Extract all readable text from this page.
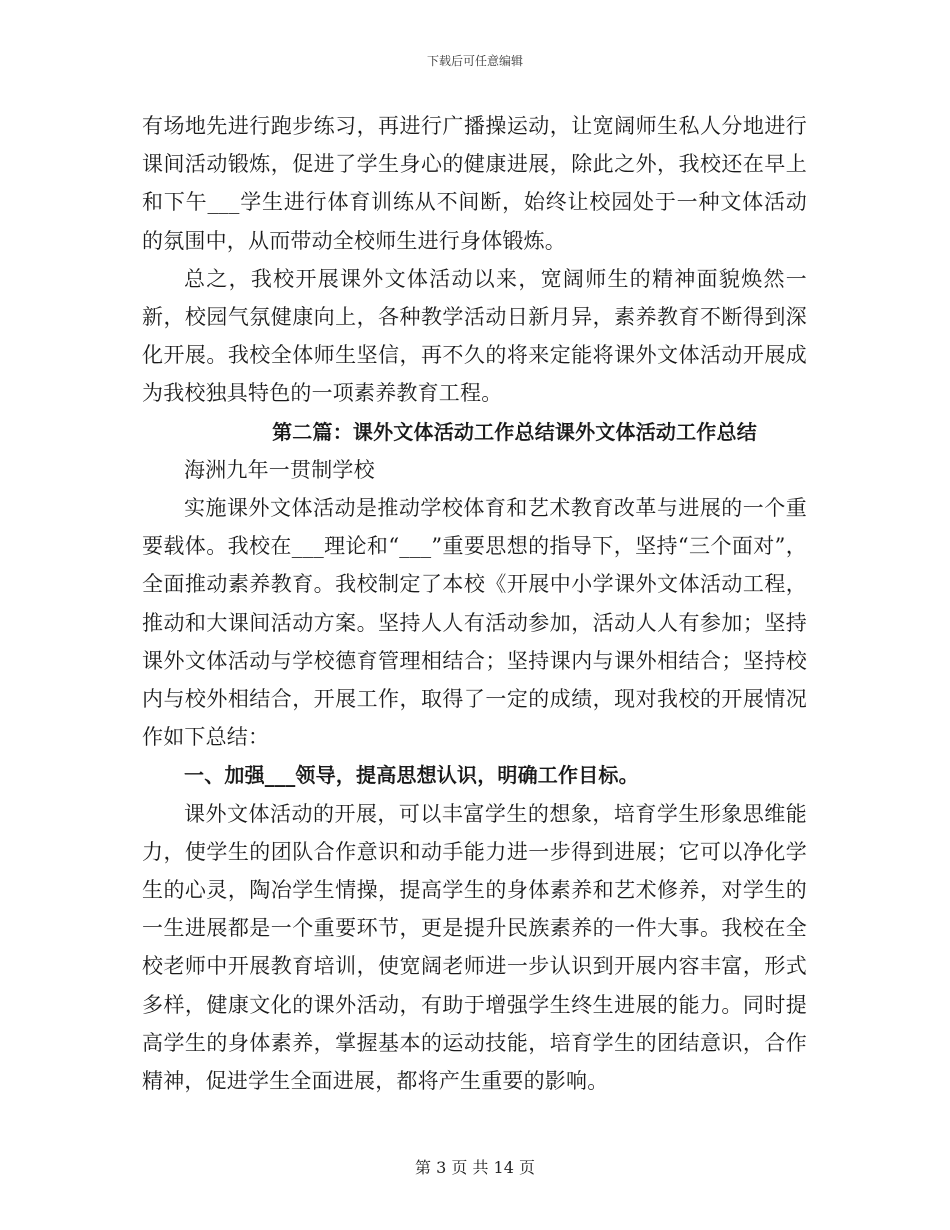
下载后可任意编辑

有场地先进行跑步练习，再进行广播操运动，让宽阔师生私人分地进行课间活动锻炼，促进了学生身心的健康进展，除此之外，我校还在早上和下午___学生进行体育训练从不间断，始终让校园处于一种文体活动的氛围中，从而带动全校师生进行身体锻炼。

总之，我校开展课外文体活动以来，宽阔师生的精神面貌焕然一新，校园气氛健康向上，各种教学活动日新月异，素养教育不断得到深化开展。我校全体师生坚信，再不久的将来定能将课外文体活动开展成为我校独具特色的一项素养教育工程。

第二篇：课外文体活动工作总结课外文体活动工作总结

海洲九年一贯制学校

实施课外文体活动是推动学校体育和艺术教育改革与进展的一个重要载体。我校在___理论和“___”重要思想的指导下，坚持“三个面对”，全面推动素养教育。我校制定了本校《开展中小学课外文体活动工程，推动和大课间活动方案。坚持人人有活动参加，活动人人有参加；坚持课外文体活动与学校德育管理相结合；坚持课内与课外相结合；坚持校内与校外相结合，开展工作，取得了一定的成绩，现对我校的开展情况作如下总结：

一、加强___领导，提高思想认识，明确工作目标。

课外文体活动的开展，可以丰富学生的想象，培育学生形象思维能力，使学生的团队合作意识和动手能力进一步得到进展；它可以净化学生的心灵，陶冶学生情操，提高学生的身体素养和艺术修养，对学生的一生进展都是一个重要环节，更是提升民族素养的一件大事。我校在全校老师中开展教育培训，使宽阔老师进一步认识到开展内容丰富，形式多样，健康文化的课外活动，有助于增强学生终生进展的能力。同时提高学生的身体素养，掌握基本的运动技能，培育学生的团结意识，合作精神，促进学生全面进展，都将产生重要的影响。

第 3 页 共 14 页
